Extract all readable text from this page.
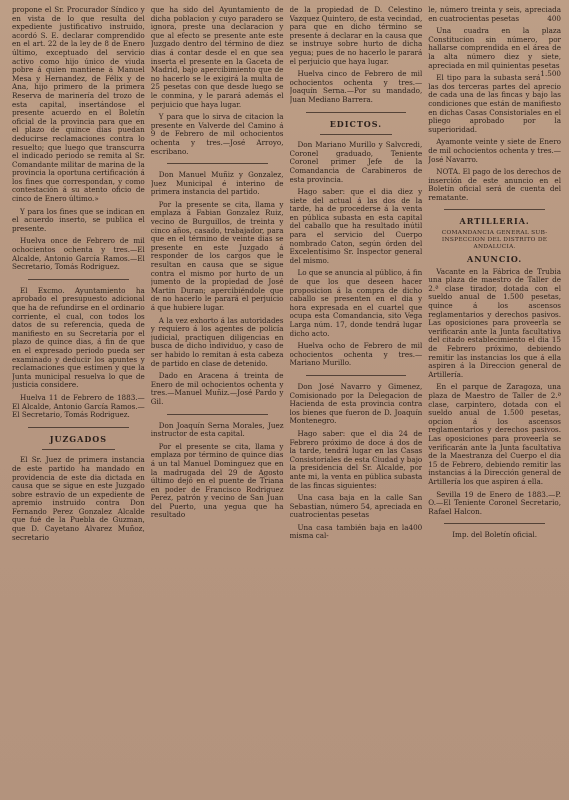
propone el Sr. Procurador Síndico y en vista de lo que resulta del expediente justificativo instruido, acordó S. E. declarar comprendido en el art. 22 de la ley de 8 de Enero último, exceptuado del servicio activo como hijo único de viuda pobre á quien mantiene á Manuel Mesa y Hernandez, de Félix y de Ana, hijo primero de la primera Reserva de marinería del trozo de esta capital, insertándose el presente acuerdo en el Boletín oficial de la provincia para que en el plazo de quince dias puedan deducirse reclamaciones contra lo resuelto; que luego que transcurra el indicado periodo se remita al Sr. Comandante militar de marina de la provincia la oportuna certificación á los fines que correspondan, y como contestación á su atento oficio de cinco de Enero último.»

Y para los fines que se indican en el acuerdo inserto, se publica el presente.

Huelva once de Febrero de mil ochocientos ochenta y tres.—El Alcalde, Antonio García Ramos.—El Secretario, Tomás Rodriguez.

El Excmo. Ayuntamiento ha aprobado el presupuesto adicional que ha de refundirse en el ordinario corriente, el cual, con todos los datos de su referencia, queda de manifiesto en su Secretaría por el plazo de quince dias, á fin de que en el expresado periodo pueda ser examinado y deducir los apuntes y reclamaciones que estimen y que la Junta municipal resuelva lo que de justicia considere.

Huelva 11 de Febrero de 1883.—El Alcalde, Antonio García Ramos.—El Secretario, Tomás Rodriguez.

JUZGADOS

El Sr. Juez de primera instancia de este partido ha mandado en providencia de este dia dictada en causa que se sigue en este Juzgado sobre estravío de un expediente de apremio instruido contra Don Fernando Perez Gonzalez Alcalde que fué de la Puebla de Guzman, que D. Cayetano Alvarez Muñoz, secretario

que ha sido del Ayuntamiento de dicha poblacion y cuyo paradero se ignora, preste una declaracion y que al efecto se presente ante este Juzgado dentro del término de diez dias á contar desde el en que sea inserta el presente en la Gaceta de Madrid, bajo apercibimiento que de no hacerlo se le exigirá la multa de 25 pesetas con que desde luego se le conmina, y le parará además el perjuicio que haya lugar.

Y para que lo sirva de citacion la presente en Valverde del Camino á 9 de Febrero de mil ochocientos ochenta y tres.—José Arroyo, escribano.

Don Manuel Muñiz y Gonzalez, Juez Municipal é interino de primera instancia del partido.

Por la presente se cita, llama y emplaza á Fabian Gonzalez Ruiz, vecino de Burguillos, de treinta y cinco años, casado, trabajador, para que en el término de veinte dias se presente en este Juzgado á responder de los cargos que le resultan en causa que se sigue contra el mismo por hurto de un jumento de la propiedad de José Martin Duran; apercibiéndole que de no hacerlo le parará el perjuicio á que hubiere lugar.

A la vez exhorto á las autoridades y requiero á los agentes de policía judicial, practiquen diligencias en busca de dicho individuo, y caso de ser habido lo remitan á esta cabeza de partido en clase de detenido.

Dado en Aracena á treinta de Enero de mil ochocientos ochenta y tres.—Manuel Muñiz.—José Pardo y Gil.

Don Joaquín Serna Morales, Juez instructor de esta capital.

Por el presente se cita, llama y emplaza por término de quince dias á un tal Manuel Dominguez que en la madrugada del 29 de Agosto último dejó en el puente de Triana en poder de Francisco Rodriguez Perez, patrón y vecino de San Juan del Puerto, una yegua que ha resultado

de la propiedad de D. Celestino Vazquez Quintero, de esta vecindad, para que en dicho término se presente á declarar en la causa que se instruye sobre hurto de dicha yegua; pues de no hacerlo le parará el perjuicio que haya lugar.

Huelva cinco de Febrero de mil ochocientos ochenta y tres.—Joaquín Serna.—Por su mandado, Juan Mediano Barrera.

EDICTOS.

Don Mariano Murillo y Salvcredi, Coronel graduado, Teniente Coronel primer Jefe de la Comandancia de Carabineros de esta provincia.

Hago saber: que el dia diez y siete del actual á las dos de la tarde, ha de procederse á la venta en pública subasta en esta capital del caballo que ha resultado inútil para el servicio del Cuerpo nombrado Caton, según órden del Excelentísimo Sr. Inspector general del mismo.

Lo que se anuncia al público, á fin de que los que deseen hacer proposicion á la compra de dicho caballo se presenten en el dia y hora expresada en el cuartel que ocupa esta Comandancia, sito Vega Larga núm. 17, donde tendrá lugar dicho acto.

Huelva ocho de Febrero de mil ochocientos ochenta y tres.—Mariano Murillo.

Don José Navarro y Gimenez, Comisionado por la Delegacion de Hacienda de esta provincia contra los bienes que fueron de D. Joaquín Montenegro.

Hago saber: que el dia 24 de Febrero próximo de doce á dos de la tarde, tendrá lugar en las Casas Consistoriales de esta Ciudad y bajo la presidencia del Sr. Alcalde, por ante mi, la venta en pública subasta de las fincas siguientes:

Una casa baja en la calle San Sebastian, número 54, apreciada en cuatrocientas pesetas

400

Una casa también baja en la misma cal-

le, número treinta y seis, apreciada en cuatrocientas pesetas	400

Una cuadra en la plaza Constitucion sin número, por hallarse comprendida en el área de la alta número diez y siete, apreciada en mil quinientas pesetas
1.500

El tipo para la subasta será las dos terceras partes del aprecio de cada una de las fincas y bajo las condiciones que están de manifiesto en dichas Casas Consistoriales en el pliego aprobado por la superioridad.

Ayamonte veinte y siete de Enero de mil ochocientos ochenta y tres.—José Navarro.

NOTA. El pago de los derechos de inserción de este anuncio en el Boletín oficial será de cuenta del rematante.

ARTILLERIA.
COMANDANCIA GENERAL SUB-INSPECCION DEL DISTRITO DE ANDALUCIA.
ANUNCIO.

Vacante en la Fábrica de Trubia una plaza de maestro de Taller de 2.ª clase tirador, dotada con el sueldo anual de 1.500 pesetas, quince á los ascensos reglamentarios y derechos pasivos. Las oposiciones para proveerla se verificarán ante la Junta facultativa del citado establecimiento el dia 15 de Febrero próximo, debiendo remitir las instancias los que á ella aspiren á la Direccion general de Artillería.

En el parque de Zaragoza, una plaza de Maestro de Taller de 2.ª clase, carpintero, dotada con el sueldo anual de 1.500 pesetas, opcion á los ascensos reglamentarios y derechos pasivos. Las oposiciones para proveerla se verificarán ante la Junta facultativa de la Maestranza del Cuerpo el dia 15 de Febrero, debiendo remitir las instancias á la Dirección general de Artillería los que aspiren á ella.

Sevilla 19 de Enero de 1883.—P. O.—El Teniente Coronel Secretario, Rafael Halcon.

Imp. del Boletín oficial.
